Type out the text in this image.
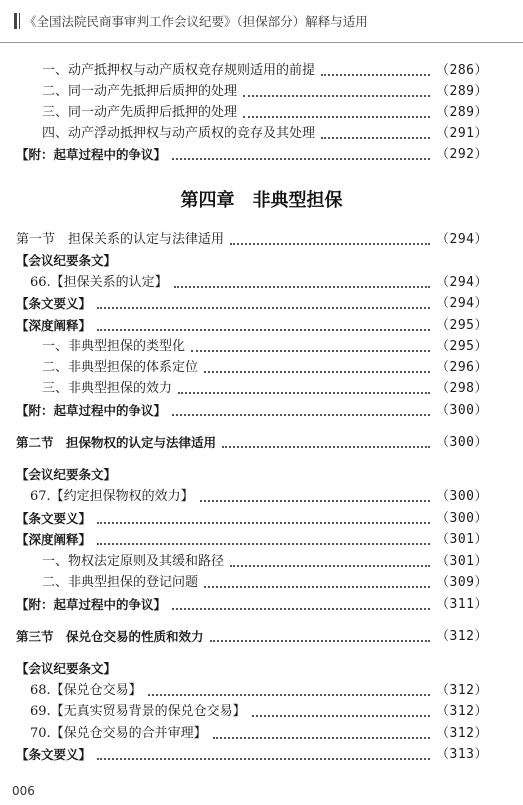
《全国法院民商事审判工作会议纪要》（担保部分）解释与适用
一、动产抵押权与动产质权竞存规则适用的前提	（286）
二、同一动产先抵押后质押的处理	（289）
三、同一动产先质押后抵押的处理	（289）
四、动产浮动抵押权与动产质权的竞存及其处理	（291）
【附：起草过程中的争议】	（292）
第四章　非典型担保
第一节　担保关系的认定与法律适用	（294）
【会议纪要条文】
66.【担保关系的认定】	（294）
【条文要义】	（294）
【深度阐释】	（295）
一、非典型担保的类型化	（295）
二、非典型担保的体系定位	（296）
三、非典型担保的效力	（298）
【附：起草过程中的争议】	（300）
第二节　担保物权的认定与法律适用	（300）
【会议纪要条文】
67.【约定担保物权的效力】	（300）
【条文要义】	（300）
【深度阐释】	（301）
一、物权法定原则及其缓和路径	（301）
二、非典型担保的登记问题	（309）
【附：起草过程中的争议】	（311）
第三节　保兑仓交易的性质和效力	（312）
【会议纪要条文】
68.【保兑仓交易】	（312）
69.【无真实贸易背景的保兑仓交易】	（312）
70.【保兑仓交易的合并审理】	（312）
【条文要义】	（313）
006
